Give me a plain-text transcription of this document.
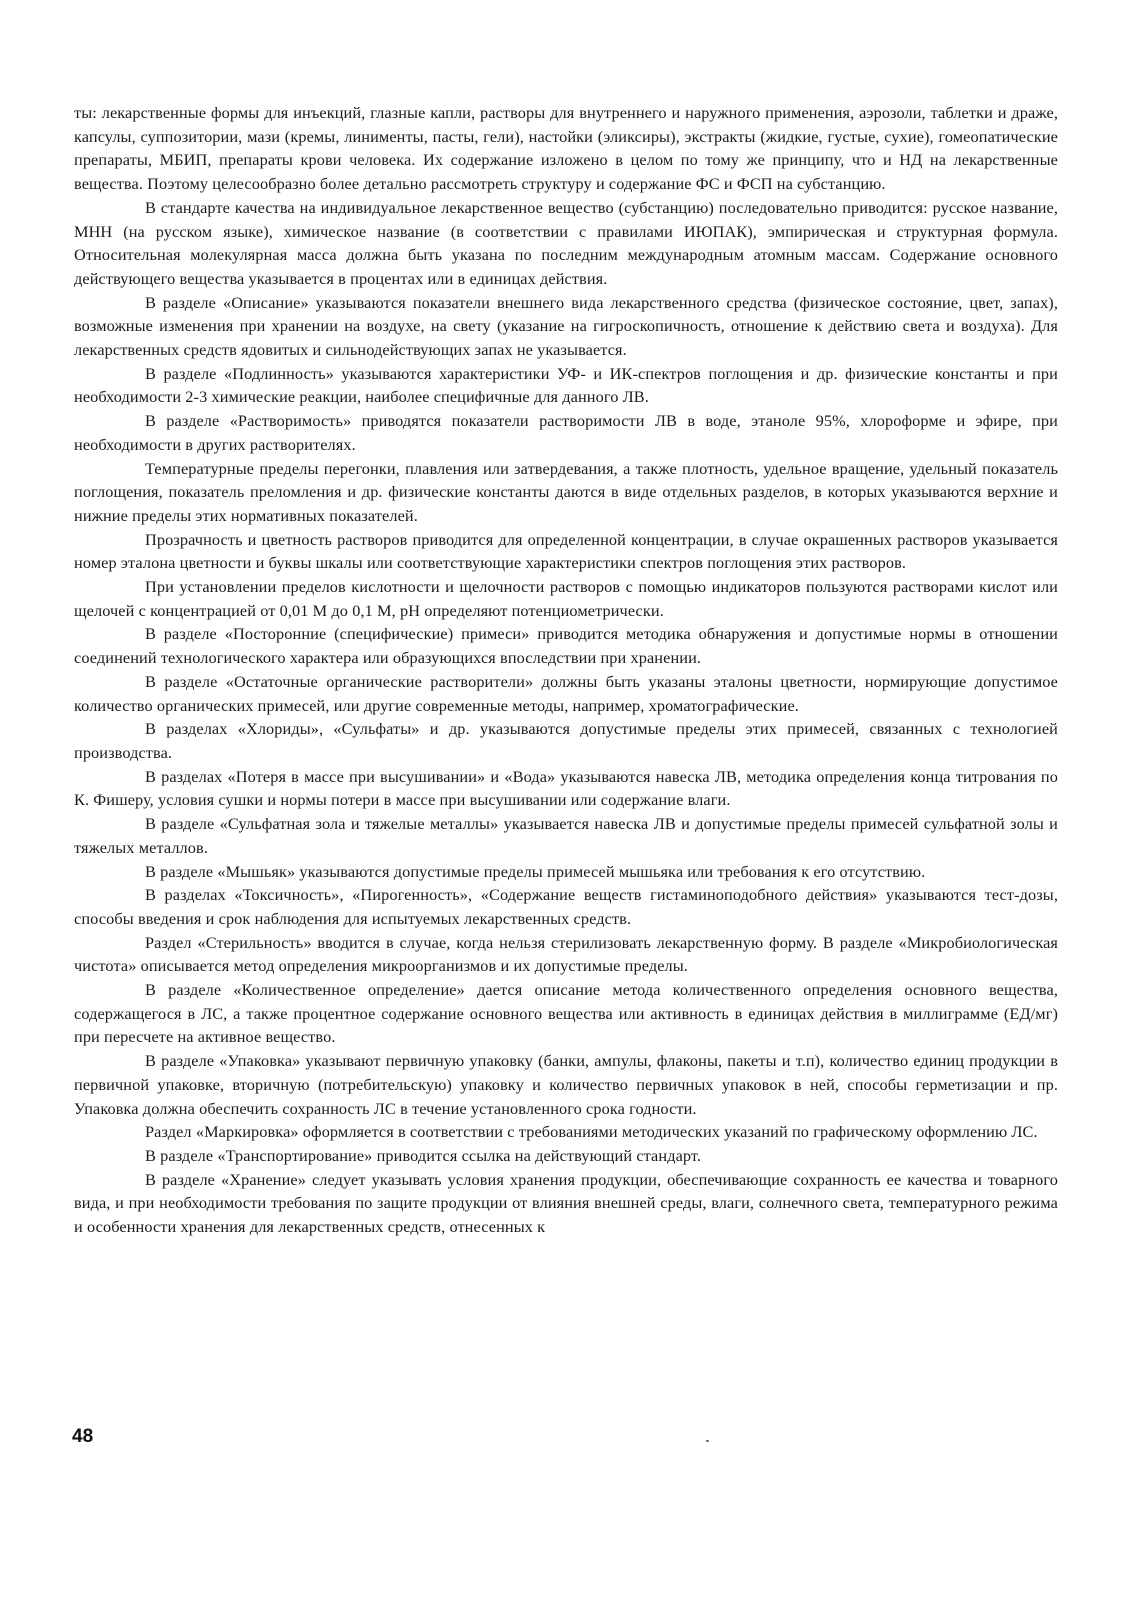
ты: лекарственные формы для инъекций, глазные капли, растворы для внутреннего и наружного применения, аэрозоли, таблетки и драже, капсулы, суппозитории, мази (кремы, линименты, пасты, гели), настойки (эликсиры), экстракты (жидкие, густые, сухие), гомеопатические препараты, МБИП, препараты крови человека. Их содержание изложено в целом по тому же принципу, что и НД на лекарственные вещества. Поэтому целесообразно более детально рассмотреть структуру и содержание ФС и ФСП на субстанцию.

В стандарте качества на индивидуальное лекарственное вещество (субстанцию) последовательно приводится: русское название, МНН (на русском языке), химическое название (в соответствии с правилами ИЮПАК), эмпирическая и структурная формула. Относительная молекулярная масса должна быть указана по последним международным атомным массам. Содержание основного действующего вещества указывается в процентах или в единицах действия.

В разделе «Описание» указываются показатели внешнего вида лекарственного средства (физическое состояние, цвет, запах), возможные изменения при хранении на воздухе, на свету (указание на гигроскопичность, отношение к действию света и воздуха). Для лекарственных средств ядовитых и сильнодействующих запах не указывается.

В разделе «Подлинность» указываются характеристики УФ- и ИК-спектров поглощения и др. физические константы и при необходимости 2-3 химические реакции, наиболее специфичные для данного ЛВ.

В разделе «Растворимость» приводятся показатели растворимости ЛВ в воде, этаноле 95%, хлороформе и эфире, при необходимости в других растворителях.

Температурные пределы перегонки, плавления или затвердевания, а также плотность, удельное вращение, удельный показатель поглощения, показатель преломления и др. физические константы даются в виде отдельных разделов, в которых указываются верхние и нижние пределы этих нормативных показателей.

Прозрачность и цветность растворов приводится для определенной концентрации, в случае окрашенных растворов указывается номер эталона цветности и буквы шкалы или соответствующие характеристики спектров поглощения этих растворов.

При установлении пределов кислотности и щелочности растворов с помощью индикаторов пользуются растворами кислот или щелочей с концентрацией от 0,01 М до 0,1 М, pH определяют потенциометрически.

В разделе «Посторонние (специфические) примеси» приводится методика обнаружения и допустимые нормы в отношении соединений технологического характера или образующихся впоследствии при хранении.

В разделе «Остаточные органические растворители» должны быть указаны эталоны цветности, нормирующие допустимое количество органических примесей, или другие современные методы, например, хроматографические.

В разделах «Хлориды», «Сульфаты» и др. указываются допустимые пределы этих примесей, связанных с технологией производства.

В разделах «Потеря в массе при высушивании» и «Вода» указываются навеска ЛВ, методика определения конца титрования по К. Фишеру, условия сушки и нормы потери в массе при высушивании или содержание влаги.

В разделе «Сульфатная зола и тяжелые металлы» указывается навеска ЛВ и допустимые пределы примесей сульфатной золы и тяжелых металлов.

В разделе «Мышьяк» указываются допустимые пределы примесей мышьяка или требования к его отсутствию.

В разделах «Токсичность», «Пирогенность», «Содержание веществ гистаминоподобного действия» указываются тест-дозы, способы введения и срок наблюдения для испытуемых лекарственных средств.

Раздел «Стерильность» вводится в случае, когда нельзя стерилизовать лекарственную форму. В разделе «Микробиологическая чистота» описывается метод определения микроорганизмов и их допустимые пределы.

В разделе «Количественное определение» дается описание метода количественного определения основного вещества, содержащегося в ЛС, а также процентное содержание основного вещества или активность в единицах действия в миллиграмме (ЕД/мг) при пересчете на активное вещество.

В разделе «Упаковка» указывают первичную упаковку (банки, ампулы, флаконы, пакеты и т.п), количество единиц продукции в первичной упаковке, вторичную (потребительскую) упаковку и количество первичных упаковок в ней, способы герметизации и пр. Упаковка должна обеспечить сохранность ЛС в течение установленного срока годности.

Раздел «Маркировка» оформляется в соответствии с требованиями методических указаний по графическому оформлению ЛС.

В разделе «Транспортирование» приводится ссылка на действующий стандарт.

В разделе «Хранение» следует указывать условия хранения продукции, обеспечивающие сохранность ее качества и товарного вида, и при необходимости требования по защите продукции от влияния внешней среды, влаги, солнечного света, температурного режима и особенности хранения для лекарственных средств, отнесенных к

48
